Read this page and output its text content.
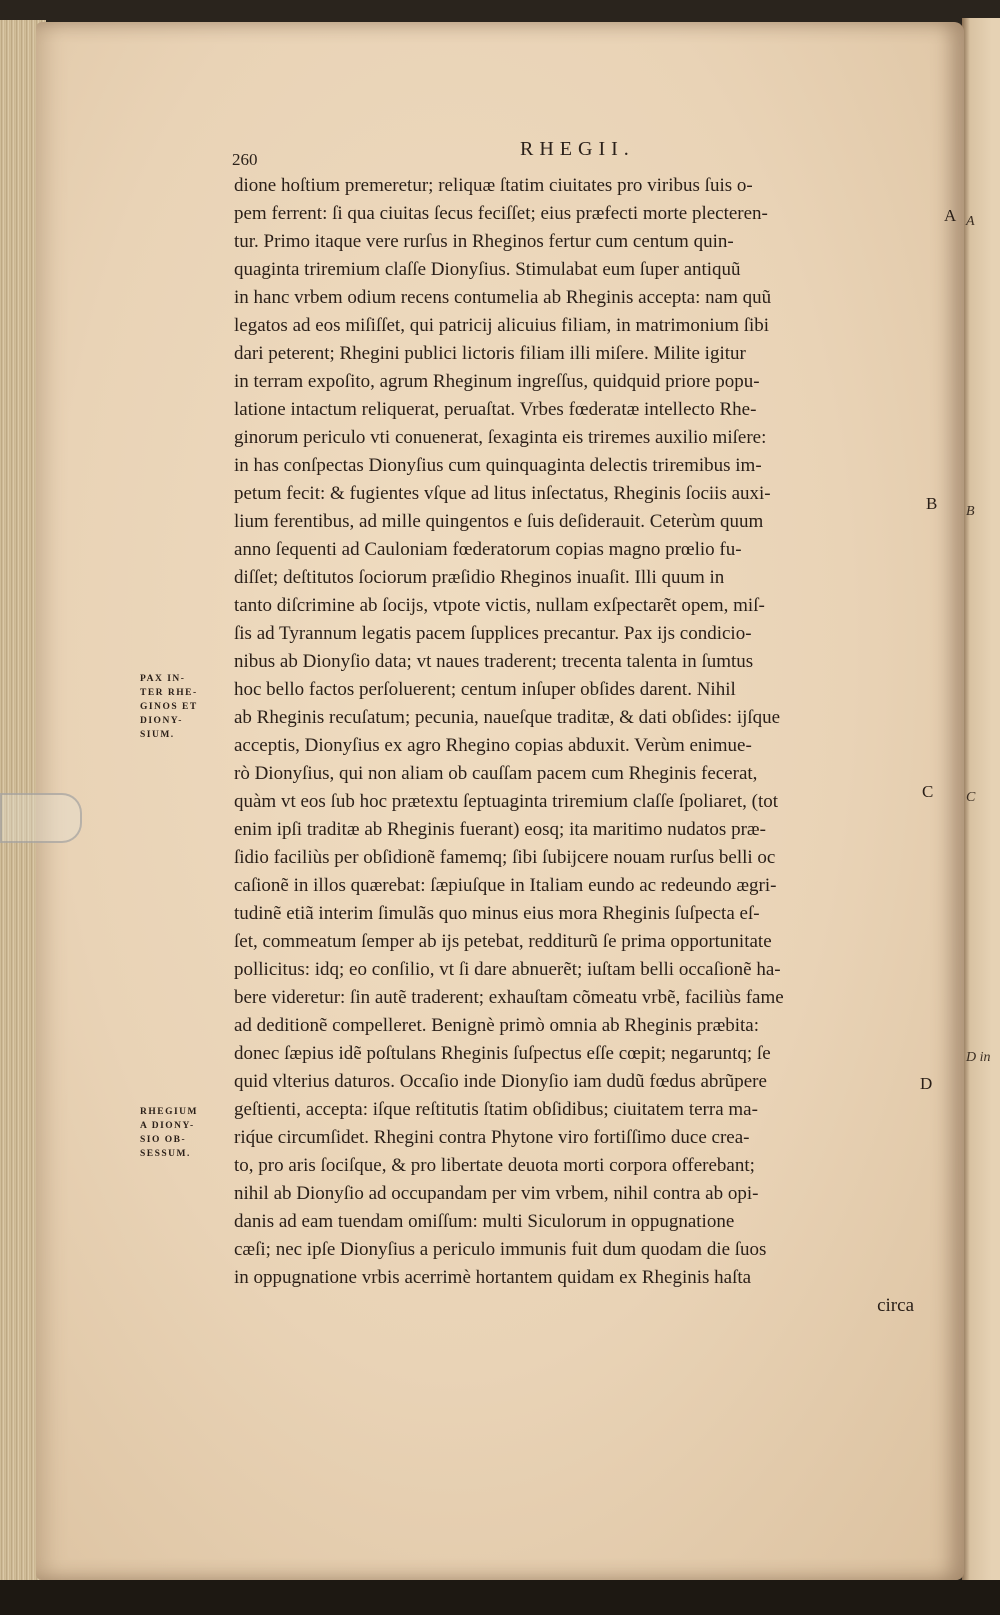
A
B
C
D in
260	RHEGII.
dione hoſtium premeretur; reliquæ ſtatim ciuitates pro viribus ſuis o-
pem ferrent: ſi qua ciuitas ſecus feciſſet; eius præfecti morte plecteren-
tur. Primo itaque vere rurſus in Rheginos fertur cum centum quin-
quaginta triremium claſſe Dionyſius. Stimulabat eum ſuper antiquũ
in hanc vrbem odium recens contumelia ab Rheginis accepta: nam quũ
legatos ad eos miſiſſet, qui patricij alicuius filiam, in matrimonium ſibi
dari peterent; Rhegini publici lictoris filiam illi miſere. Milite igitur
in terram expoſito, agrum Rheginum ingreſſus, quidquid priore popu-
latione intactum reliquerat, peruaſtat. Vrbes fœderatæ intellecto Rhe-
ginorum periculo vti conuenerat, ſexaginta eis triremes auxilio miſere:
in has conſpectas Dionyſius cum quinquaginta delectis triremibus im-
petum fecit: & fugientes vſque ad litus inſectatus, Rheginis ſociis auxi-
lium ferentibus, ad mille quingentos e ſuis deſiderauit. Ceterùm quum
anno ſequenti ad Cauloniam fœderatorum copias magno prœlio fu-
diſſet; deſtitutos ſociorum præſidio Rheginos inuaſit. Illi quum in
tanto diſcrimine ab ſocijs, vtpote victis, nullam exſpectarẽt opem, miſ-
ſis ad Tyrannum legatis pacem ſupplices precantur. Pax ijs condicio-
nibus ab Dionyſio data; vt naues traderent; trecenta talenta in ſumtus
hoc bello factos perſoluerent; centum inſuper obſides darent. Nihil
ab Rheginis recuſatum; pecunia, naueſque traditæ, & dati obſides: ijſque
acceptis, Dionyſius ex agro Rhegino copias abduxit. Verùm enimue-
rò Dionyſius, qui non aliam ob cauſſam pacem cum Rheginis fecerat,
quàm vt eos ſub hoc prætextu ſeptuaginta triremium claſſe ſpoliaret, (tot
enim ipſi traditæ ab Rheginis fuerant) eosq; ita maritimo nudatos præ-
ſidio faciliùs per obſidionẽ famemq; ſibi ſubijcere nouam rurſus belli oc
caſionẽ in illos quærebat: ſæpiuſque in Italiam eundo ac redeundo ægri-
tudinẽ etiã interim ſimulãs quo minus eius mora Rheginis ſuſpecta eſ-
ſet, commeatum ſemper ab ijs petebat, redditurũ ſe prima opportunitate
pollicitus: idq; eo conſilio, vt ſi dare abnuerẽt; iuſtam belli occaſionẽ ha-
bere videretur: ſin autẽ traderent; exhauſtam cõmeatu vrbẽ, faciliùs fame
ad deditionẽ compelleret. Benignè primò omnia ab Rheginis præbita:
donec ſæpius idẽ poſtulans Rheginis ſuſpectus eſſe cœpit; negaruntq; ſe
quid vlterius daturos. Occaſio inde Dionyſio iam dudũ fœdus abrũpere
geſtienti, accepta: iſque reſtitutis ſtatim obſidibus; ciuitatem terra ma-
riq́ue circumſidet. Rhegini contra Phytone viro fortiſſimo duce crea-
to, pro aris ſociſque, & pro libertate deuota morti corpora offerebant;
nihil ab Dionyſio ad occupandam per vim vrbem, nihil contra ab opi-
danis ad eam tuendam omiſſum: multi Siculorum in oppugnatione
cæſi; nec ipſe Dionyſius a periculo immunis fuit dum quodam die ſuos
in oppugnatione vrbis acerrimè hortantem quidam ex Rheginis haſta
circa
PAX IN-
TER RHE-
GINOS ET
DIONY-
SIUM.
RHEGIUM
A DIONY-
SIO OB-
SESSUM.
A
B
C
D
